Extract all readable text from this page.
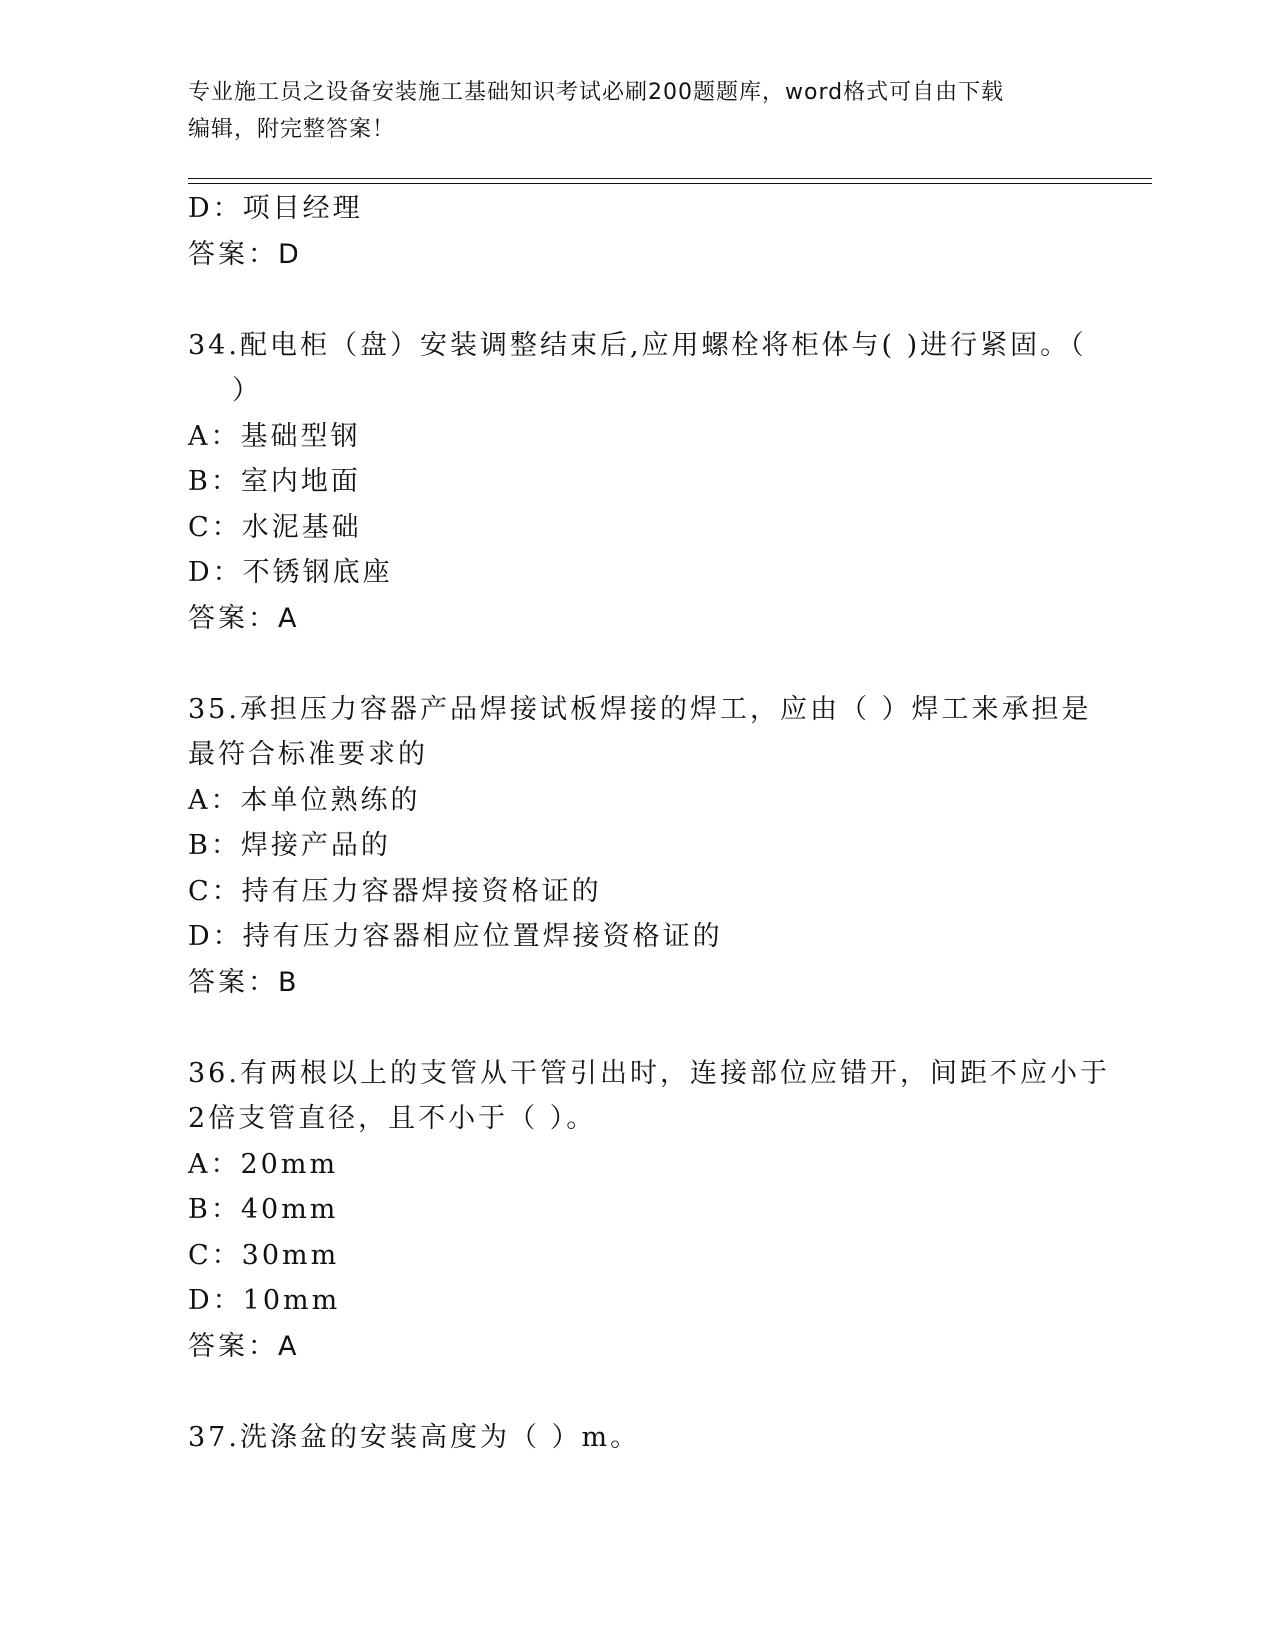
专业施工员之设备安装施工基础知识考试必刷200题题库，word格式可自由下载
编辑，附完整答案！
D：项目经理
答案：D
34.配电柜（盘）安装调整结束后,应用螺栓将柜体与( )进行紧固。（
）
A：基础型钢
B：室内地面
C：水泥基础
D：不锈钢底座
答案：A
35.承担压力容器产品焊接试板焊接的焊工，应由（ ）焊工来承担是
最符合标准要求的
A：本单位熟练的
B：焊接产品的
C：持有压力容器焊接资格证的
D：持有压力容器相应位置焊接资格证的
答案：B
36.有两根以上的支管从干管引出时，连接部位应错开，间距不应小于
2倍支管直径，且不小于（ ）。
A：20mm
B：40mm
C：30mm
D：10mm
答案：A
37.洗涤盆的安装高度为（ ）m。
